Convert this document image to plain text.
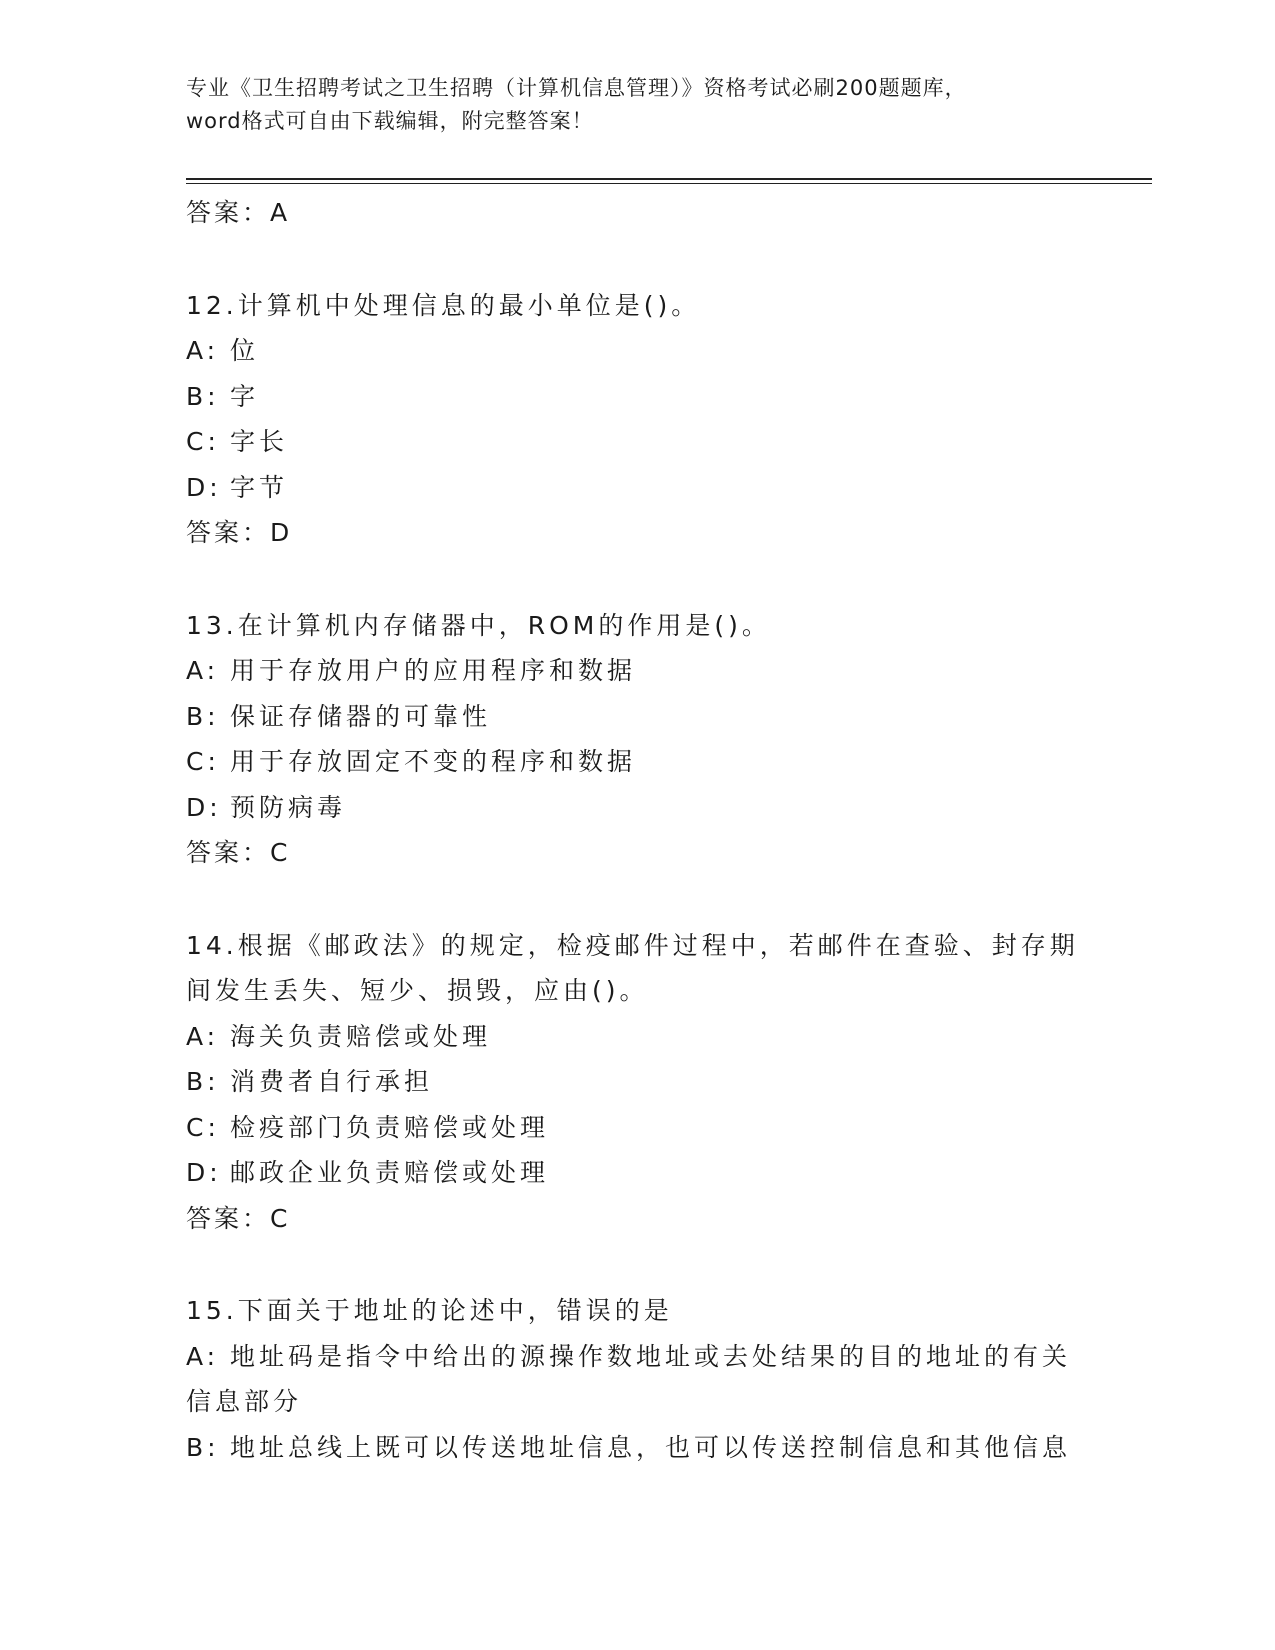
专业《卫生招聘考试之卫生招聘（计算机信息管理）》资格考试必刷200题题库，
word格式可自由下载编辑，附完整答案！
答案：A
12.计算机中处理信息的最小单位是()。
A: 位
B: 字
C: 字长
D: 字节
答案：D
13.在计算机内存储器中，ROM的作用是()。
A: 用于存放用户的应用程序和数据
B: 保证存储器的可靠性
C: 用于存放固定不变的程序和数据
D: 预防病毒
答案：C
14.根据《邮政法》的规定，检疫邮件过程中，若邮件在查验、封存期
间发生丢失、短少、损毁，应由()。
A: 海关负责赔偿或处理
B: 消费者自行承担
C: 检疫部门负责赔偿或处理
D: 邮政企业负责赔偿或处理
答案：C
15.下面关于地址的论述中，错误的是
A: 地址码是指令中给出的源操作数地址或去处结果的目的地址的有关
信息部分
B: 地址总线上既可以传送地址信息，也可以传送控制信息和其他信息
